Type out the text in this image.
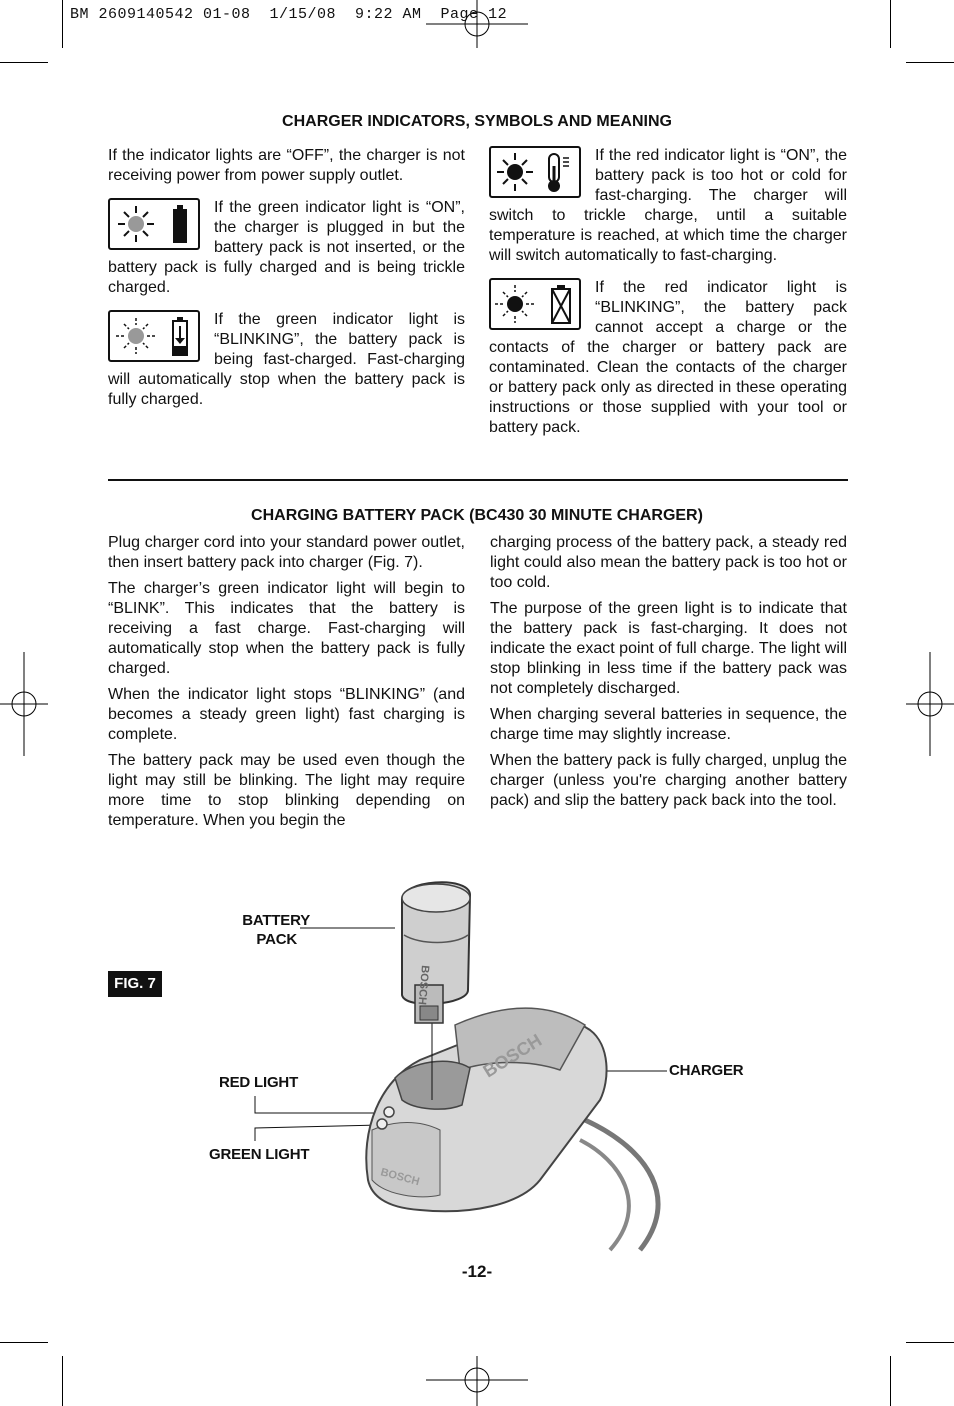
BM 2609140542 01-08  1/15/08  9:22 AM  Page 12
CHARGER INDICATORS, SYMBOLS AND MEANING

If the indicator lights are “OFF”, the charger is not receiving power from power supply outlet.

If the green indicator light is “ON”, the charger is plugged in but the battery pack is not inserted, or the battery pack is fully charged and is being trickle charged.

If the green indicator light is “BLINKING”, the battery pack is being fast-charged. Fast-charging will automatically stop when the battery pack is fully charged.

If the red indicator light is “ON”, the battery pack is too hot or cold for fast-charging. The charger will switch to trickle charge, until a suitable temperature is reached, at which time the charger will switch automatically to fast-charging.

If the red indicator light is “BLINKING”, the battery pack cannot accept a charge or the contacts of the charger or battery pack are contaminated. Clean the contacts of the charger or battery pack only as directed in these operating instructions or those supplied with your tool or battery pack.

CHARGING BATTERY PACK (BC430 30 MINUTE CHARGER)

Plug charger cord into your standard power outlet, then insert battery pack into charger (Fig. 7).

The charger’s green indicator light will begin to “BLINK”. This indicates that the battery is receiving a fast charge. Fast-charging will automatically stop when the battery pack is fully charged.

When the indicator light stops “BLINKING” (and becomes a steady green light) fast charging is complete.

The battery pack may be used even though the light may still be blinking. The light may require more time to stop blinking depending on temperature. When you begin the

charging process of the battery pack, a steady red light could also mean the battery pack is too hot or too cold.

The purpose of the green light is to indicate that the battery pack is fast-charging. It does not indicate the exact point of full charge. The light will stop blinking in less time if the battery pack was not completely discharged.

When charging several batteries in sequence, the charge time may slightly increase.

When the battery pack is fully charged, unplug the charger (unless you're charging another battery pack) and slip the battery pack back into the tool.

FIG. 7
BATTERY
PACK
RED LIGHT
GREEN LIGHT
CHARGER
BOSCH
BOSCH
BOSCH
-12-
